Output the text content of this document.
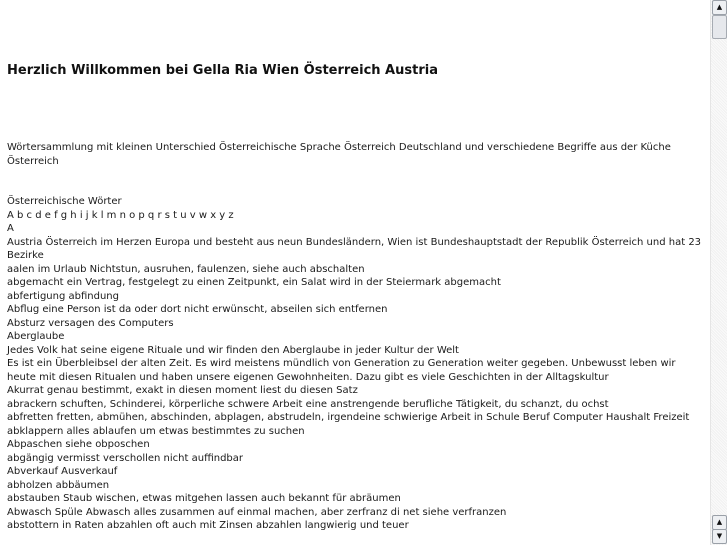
Herzlich Willkommen bei Gella Ria Wien Österreich Austria
Wörtersammlung mit kleinen Unterschied Österreichische Sprache Österreich Deutschland und verschiedene Begriffe aus der Küche Österreich
Österreichische Wörter
A b c d e f g h i j k l m n o p q r s t u v w x y z
A
Austria Österreich im Herzen Europa und besteht aus neun Bundesländern, Wien ist Bundeshauptstadt der Republik Österreich und hat 23 Bezirke
aalen im Urlaub Nichtstun, ausruhen, faulenzen, siehe auch abschalten
abgemacht ein Vertrag, festgelegt zu einen Zeitpunkt, ein Salat wird in der Steiermark abgemacht
abfertigung abfindung
Abflug eine Person ist da oder dort nicht erwünscht, abseilen sich entfernen
Absturz versagen des Computers
Aberglaube
Jedes Volk hat seine eigene Rituale und wir finden den Aberglaube in jeder Kultur der Welt
Es ist ein Überbleibsel der alten Zeit. Es wird meistens mündlich von Generation zu Generation weiter gegeben. Unbewusst leben wir heute mit diesen Ritualen und haben unsere eigenen Gewohnheiten. Dazu gibt es viele Geschichten in der Alltagskultur
Akurrat genau bestimmt, exakt in diesen moment liest du diesen Satz
abrackern schuften, Schinderei, körperliche schwere Arbeit eine anstrengende berufliche Tätigkeit, du schanzt, du ochst
abfretten fretten, abmühen, abschinden, abplagen, abstrudeln, irgendeine schwierige Arbeit in Schule Beruf Computer Haushalt Freizeit
abklappern alles ablaufen um etwas bestimmtes zu suchen
Abpaschen siehe obposchen
abgängig vermisst verschollen nicht auffindbar
Abverkauf Ausverkauf
abholzen abbäumen
abstauben Staub wischen, etwas mitgehen lassen auch bekannt für abräumen
Abwasch Spüle Abwasch alles zusammen auf einmal machen, aber zerfranz di net siehe verfranzen
abstottern in Raten abzahlen oft auch mit Zinsen abzahlen langwierig und teuer
▲
▲
▼
